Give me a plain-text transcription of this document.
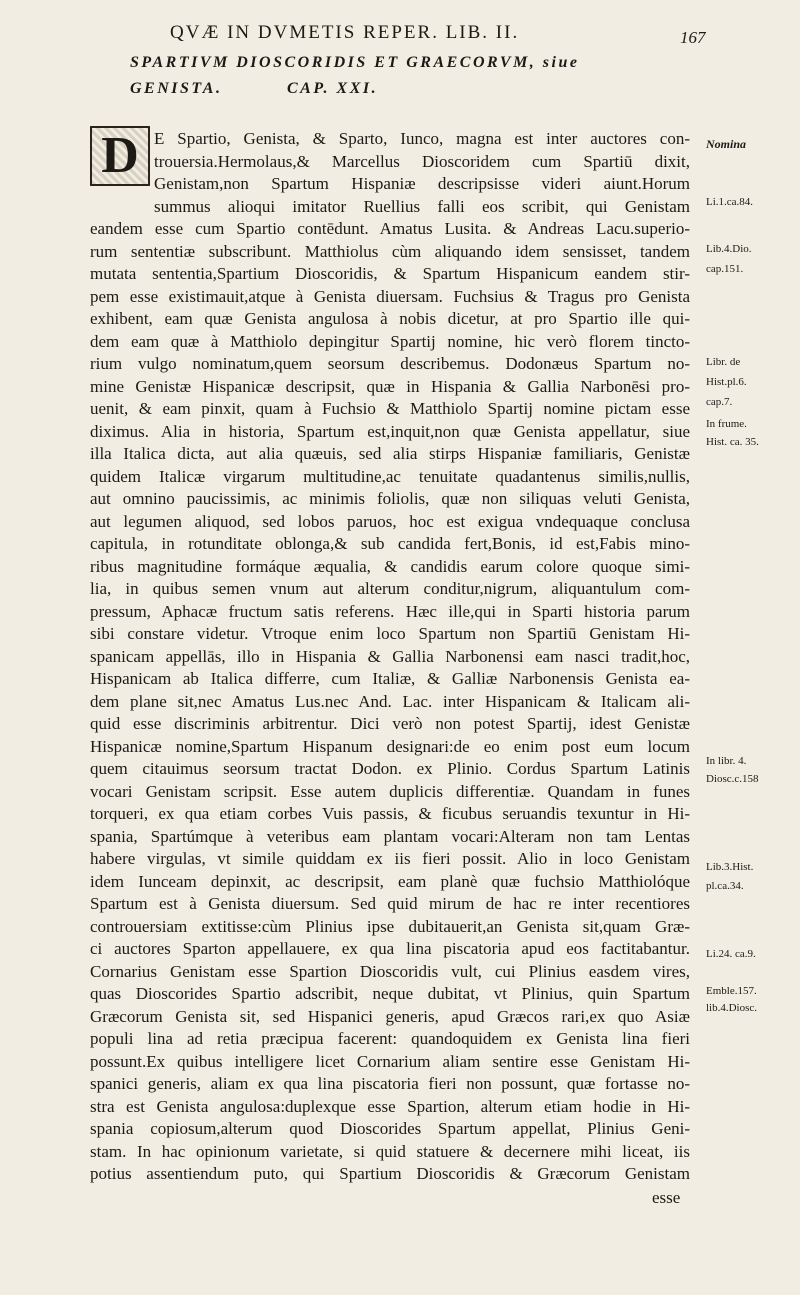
QVÆ IN DVMETIS REPER. LIB. II.	167
SPARTIVM DIOSCORIDIS ET GRAECORVM, siue
GENISTA.	CAP. XXI.
D E Spartio, Genista, & Sparto, Iunco, magna est inter auctores con-
trouersia.Hermolaus,& Marcellus Dioscoridem cum Spartiū dixit,
Genistam,non Spartum Hispaniæ descripsisse videri aiunt.Horum
summus alioqui imitator Ruellius falli eos scribit, qui Genistam
eandem esse cum Spartio contēdunt. Amatus Lusita. & Andreas Lacu.superio-
rum sententiæ subscribunt. Matthiolus cùm aliquando idem sensisset, tandem
mutata sententia,Spartium Dioscoridis, & Spartum Hispanicum eandem stir-
pem esse existimauit,atque à Genista diuersam. Fuchsius & Tragus pro Genista
exhibent, eam quæ Genista angulosa à nobis dicetur, at pro Spartio ille qui-
dem eam quæ à Matthiolo depingitur Spartij nomine, hic verò florem tincto-
rium vulgo nominatum,quem seorsum describemus. Dodonæus Spartum no-
mine Genistæ Hispanicæ descripsit, quæ in Hispania & Gallia Narbonēsi pro-
uenit, & eam pinxit, quam à Fuchsio & Matthiolo Spartij nomine pictam esse
diximus. Alia in historia, Spartum est,inquit,non quæ Genista appellatur, siue
illa Italica dicta, aut alia quæuis, sed alia stirps Hispaniæ familiaris, Genistæ
quidem Italicæ virgarum multitudine,ac tenuitate quadantenus similis,nullis,
aut omnino paucissimis, ac minimis foliolis, quæ non siliquas veluti Genista,
aut legumen aliquod, sed lobos paruos, hoc est exigua vndequaque conclusa
capitula, in rotunditate oblonga,& sub candida fert,Bonis, id est,Fabis mino-
ribus magnitudine formáque æqualia, & candidis earum colore quoque simi-
lia, in quibus semen vnum aut alterum conditur,nigrum, aliquantulum com-
pressum, Aphacæ fructum satis referens. Hæc ille,qui in Sparti historia parum
sibi constare videtur. Vtroque enim loco Spartum non Spartiū Genistam Hi-
spanicam appellās, illo in Hispania & Gallia Narbonensi eam nasci tradit,hoc,
Hispanicam ab Italica differre, cum Italiæ, & Galliæ Narbonensis Genista ea-
dem plane sit,nec Amatus Lus.nec And. Lac. inter Hispanicam & Italicam ali-
quid esse discriminis arbitrentur. Dici verò non potest Spartij, idest Genistæ
Hispanicæ nomine,Spartum Hispanum designari:de eo enim post eum locum
quem citauimus seorsum tractat Dodon. ex Plinio. Cordus Spartum Latinis
vocari Genistam scripsit. Esse autem duplicis differentiæ. Quandam in funes
torqueri, ex qua etiam corbes Vuis passis, & ficubus seruandis texuntur in Hi-
spania, Spartúmque à veteribus eam plantam vocari:Alteram non tam Lentas
habere virgulas, vt simile quiddam ex iis fieri possit. Alio in loco Genistam
idem Iunceam depinxit, ac descripsit, eam planè quæ fuchsio Matthiolóque
Spartum est à Genista diuersum. Sed quid mirum de hac re inter recentiores
controuersiam extitisse:cùm Plinius ipse dubitauerit,an Genista sit,quam Græ-
ci auctores Sparton appellauere, ex qua lina piscatoria apud eos factitabantur.
Cornarius Genistam esse Spartion Dioscoridis vult, cui Plinius easdem vires,
quas Dioscorides Spartio adscribit, neque dubitat, vt Plinius, quin Spartum
Græcorum Genista sit, sed Hispanici generis, apud Græcos rari,ex quo Asiæ
populi lina ad retia præcipua facerent: quandoquidem ex Genista lina fieri
possunt.Ex quibus intelligere licet Cornarium aliam sentire esse Genistam Hi-
spanici generis, aliam ex qua lina piscatoria fieri non possunt, quæ fortasse no-
stra est Genista angulosa:duplexque esse Spartion, alterum etiam hodie in Hi-
spania copiosum,alterum quod Dioscorides Spartum appellat, Plinius Geni-
stam. In hac opinionum varietate, si quid statuere & decernere mihi liceat, iis
potius assentiendum puto, qui Spartium Dioscoridis & Græcorum Genistam
esse
Nomina
Li.1.ca.84.
Lib.4.Dio.
cap.151.
Libr. de
Hist.pl.6.
cap.7.
In frume.
Hist. ca. 35.
In libr. 4.
Diosc.c.158
Lib.3.Hist.
pl.ca.34.
Li.24. ca.9.
Emble.157.
lib.4.Diosc.
